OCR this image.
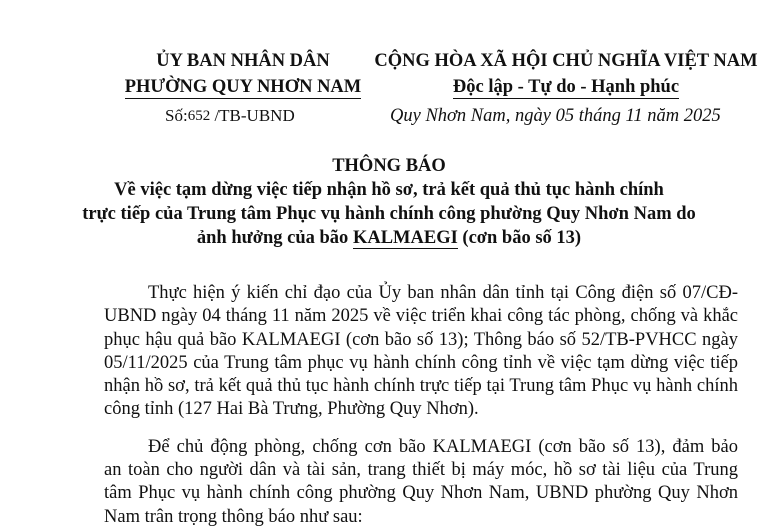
ỦY BAN NHÂN DÂN
PHƯỜNG QUY NHƠN NAM
CỘNG HÒA XÃ HỘI CHỦ NGHĨA VIỆT NAM
Độc lập - Tự do - Hạnh phúc
Số:652 /TB-UBND	Quy Nhơn Nam, ngày 05 tháng 11 năm 2025
THÔNG BÁO
Về việc tạm dừng việc tiếp nhận hồ sơ, trả kết quả thủ tục hành chính
trực tiếp của Trung tâm Phục vụ hành chính công phường Quy Nhơn Nam do
ảnh hưởng của bão KALMAEGI (cơn bão số 13)
Thực hiện ý kiến chỉ đạo của Ủy ban nhân dân tỉnh tại Công điện số 07/CĐ-
UBND ngày 04 tháng 11 năm 2025 về việc triển khai công tác phòng, chống và khắc
phục hậu quả bão KALMAEGI (cơn bão số 13); Thông báo số 52/TB-PVHCC ngày
05/11/2025 của Trung tâm phục vụ hành chính công tỉnh về việc tạm dừng việc tiếp
nhận hồ sơ, trả kết quả thủ tục hành chính trực tiếp tại Trung tâm Phục vụ hành chính
công tỉnh (127 Hai Bà Trưng, Phường Quy Nhơn).
Để chủ động phòng, chống cơn bão KALMAEGI (cơn bão số 13), đảm bảo
an toàn cho người dân và tài sản, trang thiết bị máy móc, hồ sơ tài liệu của Trung
tâm Phục vụ hành chính công phường Quy Nhơn Nam, UBND phường Quy Nhơn
Nam trân trọng thông báo như sau:
